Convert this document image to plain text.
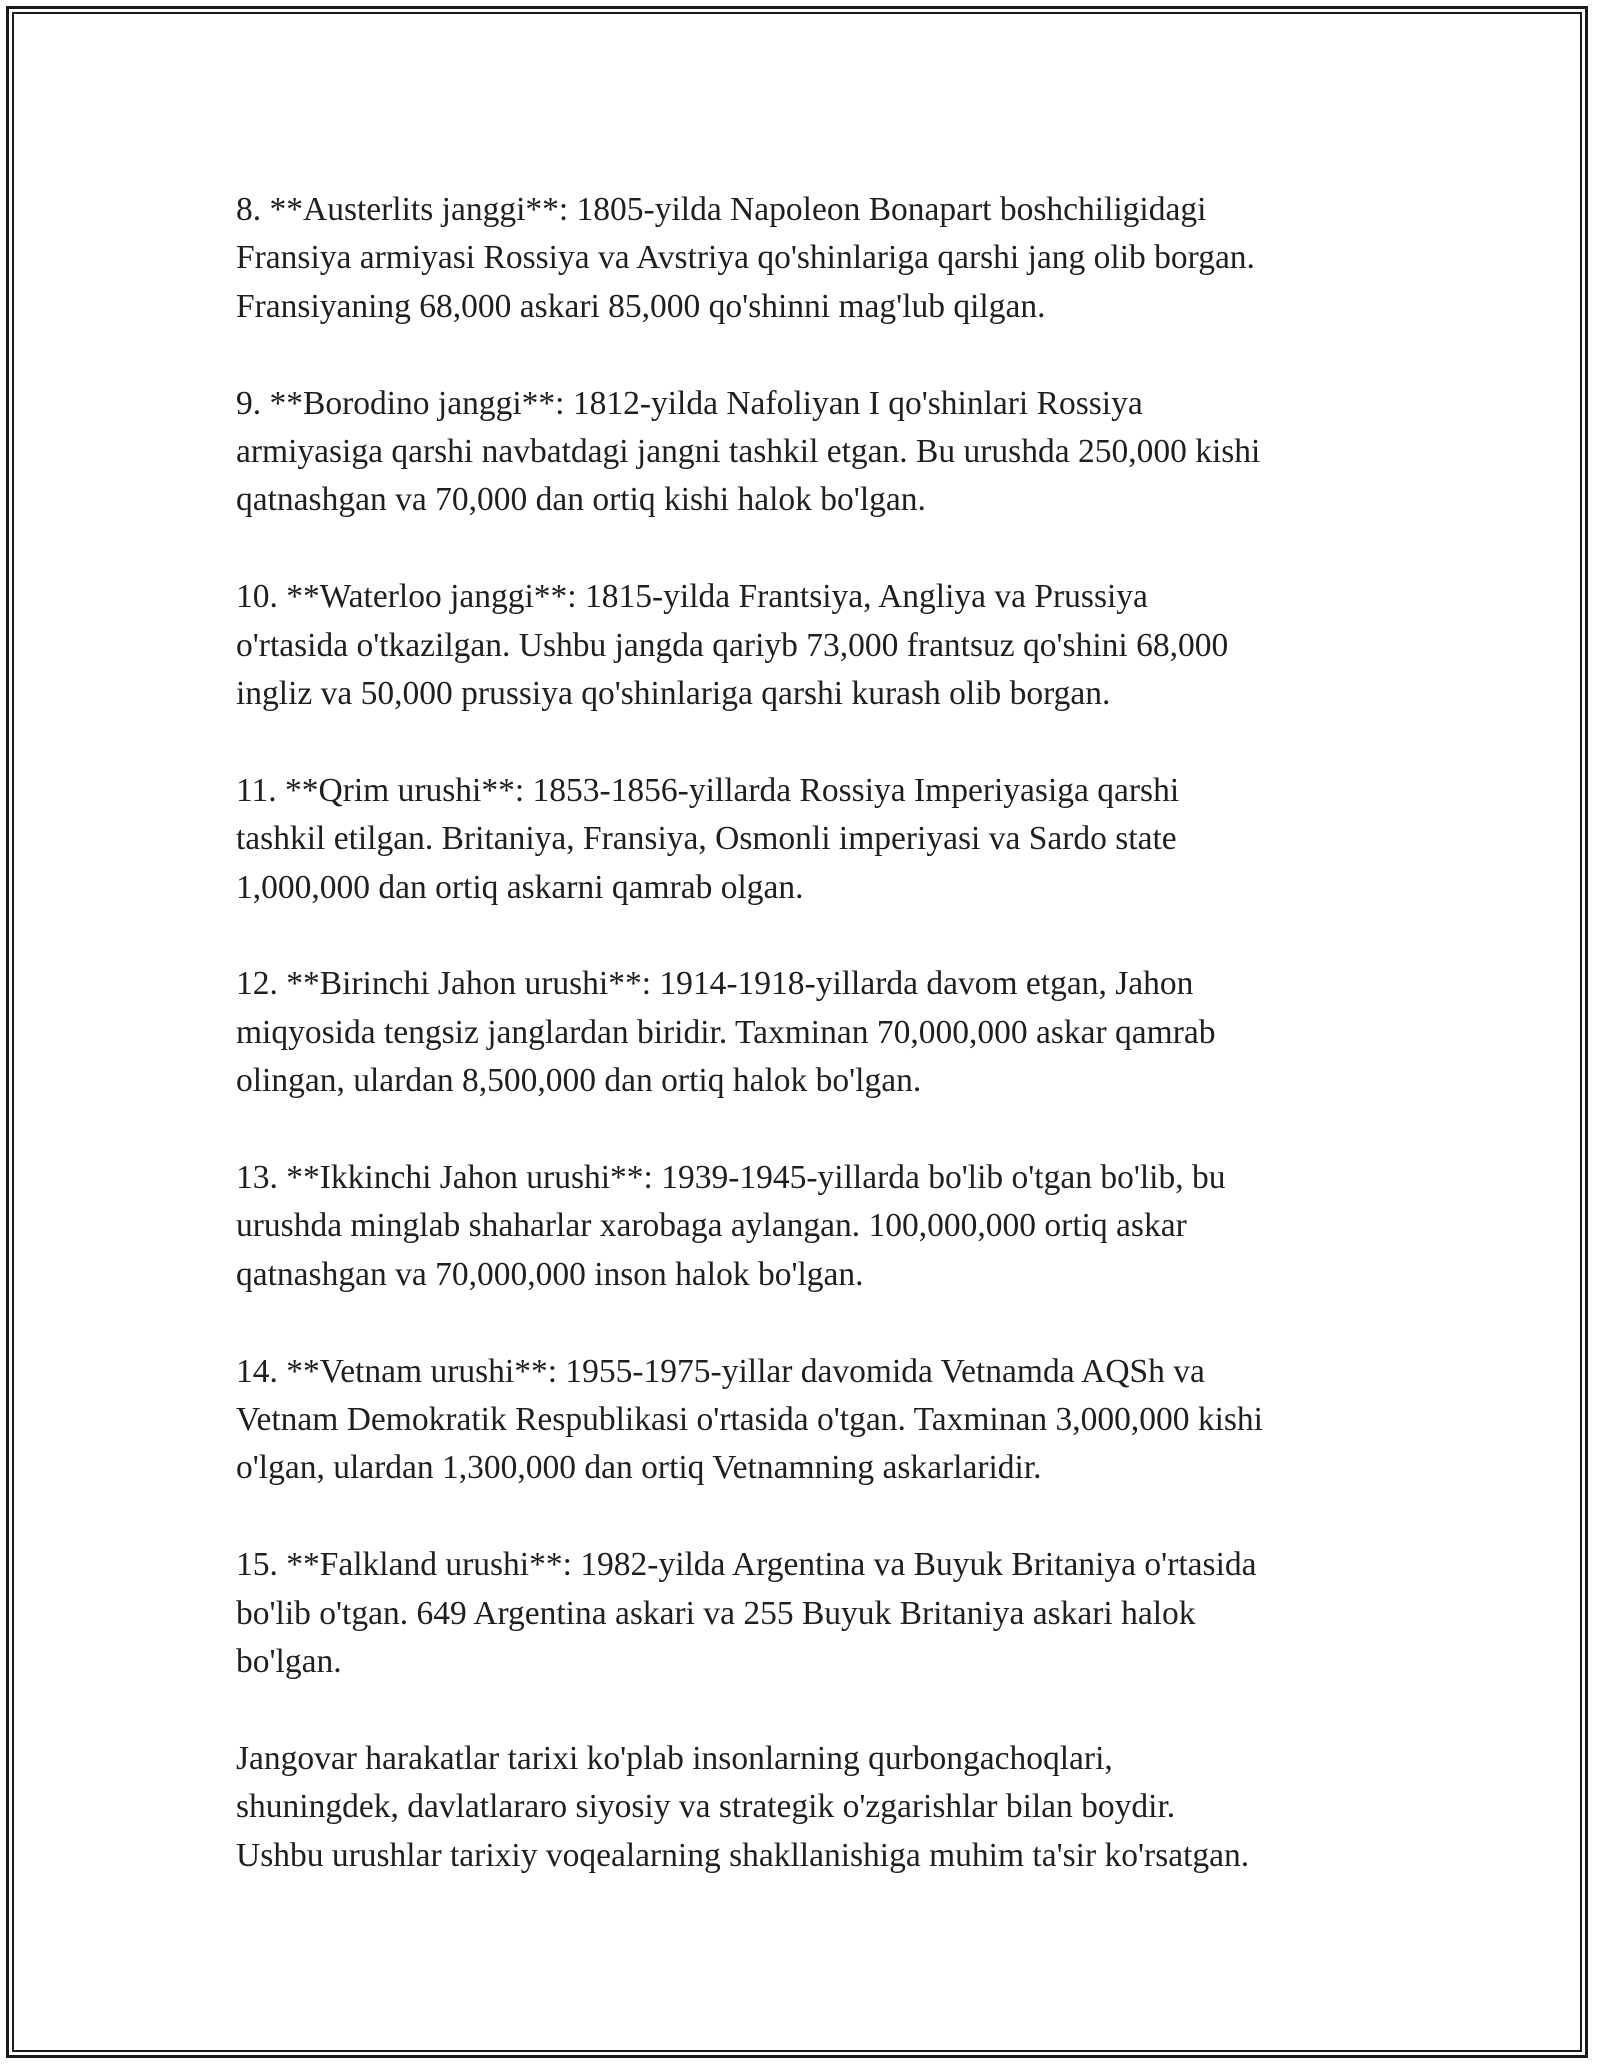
8. **Austerlits janggi**: 1805-yilda Napoleon Bonapart boshchiligidagi
Fransiya armiyasi Rossiya va Avstriya qo'shinlariga qarshi jang olib borgan.
Fransiyaning 68,000 askari 85,000 qo'shinni mag'lub qilgan.

9. **Borodino janggi**: 1812-yilda Nafoliyan I qo'shinlari Rossiya
armiyasiga qarshi navbatdagi jangni tashkil etgan. Bu urushda 250,000 kishi
qatnashgan va 70,000 dan ortiq kishi halok bo'lgan.

10. **Waterloo janggi**: 1815-yilda Frantsiya, Angliya va Prussiya
o'rtasida o'tkazilgan. Ushbu jangda qariyb 73,000 frantsuz qo'shini 68,000
ingliz va 50,000 prussiya qo'shinlariga qarshi kurash olib borgan.

11. **Qrim urushi**: 1853-1856-yillarda Rossiya Imperiyasiga qarshi
tashkil etilgan. Britaniya, Fransiya, Osmonli imperiyasi va Sardo state
1,000,000 dan ortiq askarni qamrab olgan.

12. **Birinchi Jahon urushi**: 1914-1918-yillarda davom etgan, Jahon
miqyosida tengsiz janglardan biridir. Taxminan 70,000,000 askar qamrab
olingan, ulardan 8,500,000 dan ortiq halok bo'lgan.

13. **Ikkinchi Jahon urushi**: 1939-1945-yillarda bo'lib o'tgan bo'lib, bu
urushda minglab shaharlar xarobaga aylangan. 100,000,000 ortiq askar
qatnashgan va 70,000,000 inson halok bo'lgan.

14. **Vetnam urushi**: 1955-1975-yillar davomida Vetnamda AQSh va
Vetnam Demokratik Respublikasi o'rtasida o'tgan. Taxminan 3,000,000 kishi
o'lgan, ulardan 1,300,000 dan ortiq Vetnamning askarlaridir.

15. **Falkland urushi**: 1982-yilda Argentina va Buyuk Britaniya o'rtasida
bo'lib o'tgan. 649 Argentina askari va 255 Buyuk Britaniya askari halok
bo'lgan.

Jangovar harakatlar tarixi ko'plab insonlarning qurbongachoqlari,
shuningdek, davlatlararo siyosiy va strategik o'zgarishlar bilan boydir.
Ushbu urushlar tarixiy voqealarning shakllanishiga muhim ta'sir ko'rsatgan.
